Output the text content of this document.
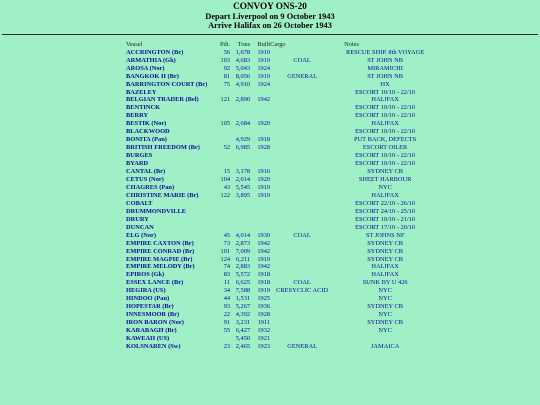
CONVOY ONS-20
Depart Liverpool on 9 October 1943
Arrive Halifax on 26 October 1943
Vessel	Pdt.	Tons	Built	Cargo	Notes
ACCRINGTON (Br)	56	1,678	1910		RESCUE SHIP. 8th VOYAGE
ARMATHIA (Gk)	103	4,683	1919	COAL	ST JOHN NB
AROSA (Nor)	92	5,043	1924		MIRAMICHI
BANGKOK II (Br)	81	8,056	1919	GENERAL	ST JOHN NB
BARRINGTON COURT (Br)	75	4,910	1924		HX
BAZELEY					ESCORT 10/10 - 22/10
BELGIAN TRADER (Bel)	121	2,890	1942		HALIFAX
BENTINCK					ESCORT 10/10 - 22/10
BERRY					ESCORT 10/10 - 22/10
BESTIK (Nor)	105	2,684	1920		HALIFAX
BLACKWOOD					ESCORT 10/10 - 22/10
BONITA (Pan)		4,929	1918		PUT BACK, DEFECTS
BRITISH FREEDOM (Br)	52	6,985	1928		ESCORT OILER
BURGES					ESCORT 10/10 - 22/10
BYARD					ESCORT 10/10 - 22/10
CANTAL (Br)	15	3,178	1916		SYDNEY CB
CETUS (Nor)	104	2,614	1920		SHEET HARBOUR
CHAGRES (Pan)	43	5,545	1919		NYC
CHRISTINE MARIE (Br)	122	3,895	1919		HALIFAX
COBALT					ESCORT 22/10 - 26/10
DRUMMONDVILLE					ESCORT 24/10 - 25/10
DRURY					ESCORT 10/10 - 21/10
DUNCAN					ESCORT 17/10 - 20/10
ELG (Nor)	45	4,014	1930	COAL	ST JOHNS NF
EMPIRE CAXTON (Br)	73	2,873	1942		SYDNEY CB
EMPIRE CONRAD (Br)	101	7,009	1942		SYDNEY CB
EMPIRE MAGPIE (Br)	124	6,211	1919		SYDNEY CB
EMPIRE MELODY (Br)	74	2,883	1942		HALIFAX
EPIROS (Gk)	83	5,572	1918		HALIFAX
ESSEX LANCE (Br)	11	6,625	1918	COAL	SUNK BY U 426
HEGIRA (US)	34	7,588	1919	CRESYCLIC ACID	NYC
HINDOO (Pan)	44	1,531	1925		NYC
HOPESTAR (Br)	93	5,267	1936		SYDNEY CB
INNESMOOR (Br)	22	4,392	1928		NYC
IRON BARON (Nor)	91	3,231	1911		SYDNEY CB
KARABAGH (Br)	55	6,427	1932		NYC
KAWEAH (US)		5,450	1921		
KOLSNAREN (Sw)	23	2,465	1923	GENERAL	JAMAICA
